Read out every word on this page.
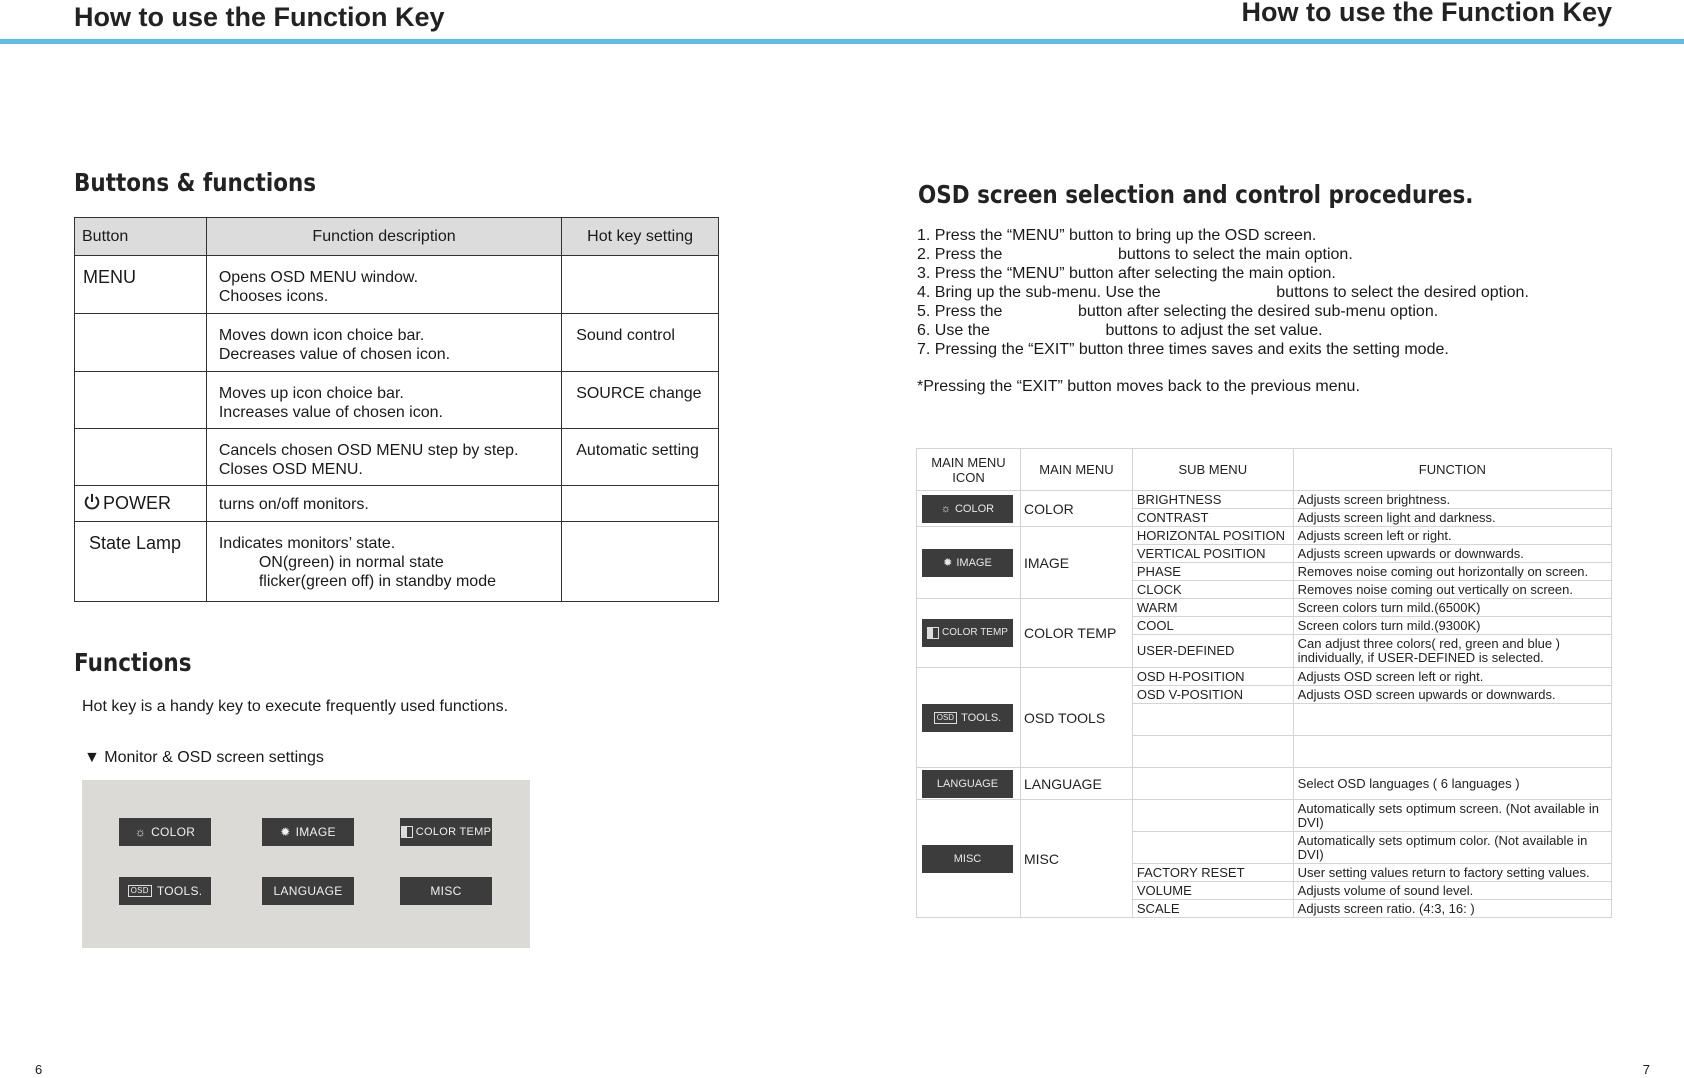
How to use the Function Key	How to use the Function Key
Buttons & functions
Button	Function description	Hot key setting
MENU	Opens OSD MENU window.
Chooses icons.	

	Moves down icon choice bar.
Decreases value of chosen icon.	Sound control

	Moves up icon choice bar.
Increases value of chosen icon.	SOURCE change

	Cancels chosen OSD MENU step by step.
Closes OSD MENU.	Automatic setting
POWER	turns on/off monitors.	

State Lamp	Indicates monitors’ state.
ON(green) in normal state
flicker(green off) in standby mode	

Functions
Hot key is a handy key to execute frequently used functions.
▼ Monitor & OSD screen settings
☼ COLOR	✹ IMAGE	COLOR TEMP
OSD TOOLS.	LANGUAGE	MISC
OSD screen selection and control procedures.
1. Press the “MENU” button to bring up the OSD screen.
2. Press the                          buttons to select the main option.
3. Press the “MENU” button after selecting the main option.
4. Bring up the sub-menu. Use the                          buttons to select the desired option.
5. Press the                 button after selecting the desired sub-menu option.
6. Use the                          buttons to adjust the set value.
7. Pressing the “EXIT” button three times saves and exits the setting mode.
*Pressing the “EXIT” button moves back to the previous menu.
MAIN MENU ICON	MAIN MENU	SUB MENU	FUNCTION

☼ COLOR	COLOR	BRIGHTNESS	Adjusts screen brightness.
		CONTRAST	Adjusts screen light and darkness.

✹ IMAGE	IMAGE	HORIZONTAL POSITION	Adjusts screen left or right.
		VERTICAL POSITION	Adjusts screen upwards or downwards.
		PHASE	Removes noise coming out horizontally on screen.
		CLOCK	Removes noise coming out vertically on screen.

COLOR TEMP	COLOR TEMP	WARM	Screen colors turn mild.(6500K)
		COOL	Screen colors turn mild.(9300K)
		USER-DEFINED	Can adjust three colors( red, green and blue ) individually, if USER-DEFINED is selected.

OSD TOOLS.	OSD TOOLS	OSD H-POSITION	Adjusts OSD screen left or right.
		OSD V-POSITION	Adjusts OSD screen upwards or downwards.

LANGUAGE	LANGUAGE		Select OSD languages ( 6 languages )

MISC	MISC		Automatically sets optimum screen. (Not available in DVI)
			Automatically sets optimum color. (Not available in DVI)
		FACTORY RESET	User setting values return to factory setting values.
		VOLUME	Adjusts volume of sound level.
		SCALE	Adjusts screen ratio. (4:3, 16: )
6	7
